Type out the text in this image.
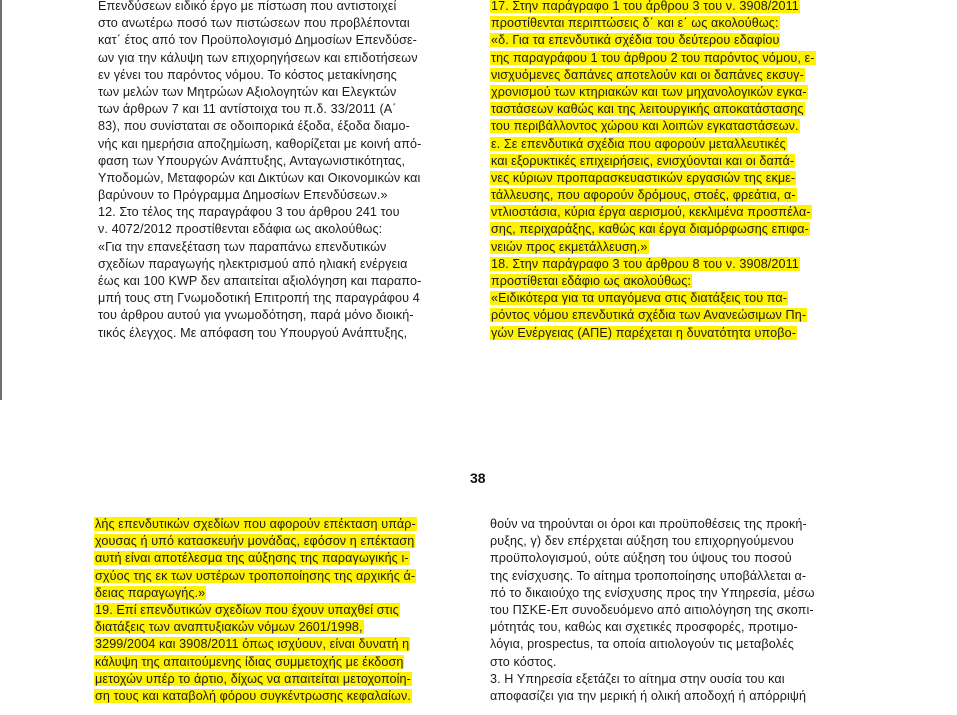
Επενδύσεων ειδικό έργο με πίστωση που αντιστοιχεί
στο ανωτέρω ποσό των πιστώσεων που προβλέπονται
κατ΄ έτος από τον Προϋπολογισμό Δημοσίων Επενδύσε-
ων για την κάλυψη των επιχορηγήσεων και επιδοτήσεων
εν γένει του παρόντος νόμου. Το κόστος μετακίνησης
των μελών των Μητρώων Αξιολογητών και Ελεγκτών
των άρθρων 7 και 11 αντίστοιχα του π.δ. 33/2011 (Α΄
83), που συνίσταται σε οδοιπορικά έξοδα, έξοδα διαμο-
νής και ημερήσια αποζημίωση, καθορίζεται με κοινή από-
φαση των Υπουργών Ανάπτυξης, Ανταγωνιστικότητας,
Υποδομών, Μεταφορών και Δικτύων και Οικονομικών και
βαρύνουν το Πρόγραμμα Δημοσίων Επενδύσεων.»
12. Στο τέλος της παραγράφου 3 του άρθρου 241 του
ν. 4072/2012 προστίθενται εδάφια ως ακολούθως:
«Για την επανεξέταση των παραπάνω επενδυτικών
σχεδίων παραγωγής ηλεκτρισμού από ηλιακή ενέργεια
έως και 100 KWP δεν απαιτείται αξιολόγηση και παραπο-
μπή τους στη Γνωμοδοτική Επιτροπή της παραγράφου 4
του άρθρου αυτού για γνωμοδότηση, παρά μόνο διοική-
τικός έλεγχος. Με απόφαση του Υπουργού Ανάπτυξης,
17. Στην παράγραφο 1 του άρθρου 3 του ν. 3908/2011
προστίθενται περιπτώσεις δ΄ και ε΄ ως ακολούθως:
«δ. Για τα επενδυτικά σχέδια του δεύτερου εδαφίου
της παραγράφου 1 του άρθρου 2 του παρόντος νόμου, ε-
νισχυόμενες δαπάνες αποτελούν και οι δαπάνες εκσυγ-
χρονισμού των κτηριακών και των μηχανολογικών εγκα-
ταστάσεων καθώς και της λειτουργικής αποκατάστασης
του περιβάλλοντος χώρου και λοιπών εγκαταστάσεων.
ε. Σε επενδυτικά σχέδια που αφορούν μεταλλευτικές
και εξορυκτικές επιχειρήσεις, ενισχύονται και οι δαπά-
νες κύριων προπαρασκευαστικών εργασιών της εκμε-
τάλλευσης, που αφορούν δρόμους, στοές, φρεάτια, α-
ντλιοστάσια, κύρια έργα αερισμού, κεκλιμένα προσπέλα-
σης, περιχαράξης, καθώς και έργα διαμόρφωσης επιφα-
νειών προς εκμετάλλευση.»
18. Στην παράγραφο 3 του άρθρου 8 του ν. 3908/2011
προστίθεται εδάφιο ως ακολούθως:
«Ειδικότερα για τα υπαγόμενα στις διατάξεις του πα-
ρόντος νόμου επενδυτικά σχέδια των Ανανεώσιμων Πη-
γών Ενέργειας (ΑΠΕ) παρέχεται η δυνατότητα υποβο-
38
λής επενδυτικών σχεδίων που αφορούν επέκταση υπάρ-
χουσας ή υπό κατασκευήν μονάδας, εφόσον η επέκταση
αυτή είναι αποτέλεσμα της αύξησης της παραγωγικής ι-
σχύος της εκ των υστέρων τροποποίησης της αρχικής ά-
δειας παραγωγής.»
19. Επί επενδυτικών σχεδίων που έχουν υπαχθεί στις
διατάξεις των αναπτυξιακών νόμων 2601/1998,
3299/2004 και 3908/2011 όπως ισχύουν, είναι δυνατή η
κάλυψη της απαιτούμενης ίδιας συμμετοχής με έκδοση
μετοχών υπέρ το άρτιο, δίχως να απαιτείται μετοχοποίη-
ση τους και καταβολή φόρου συγκέντρωσης κεφαλαίων.
θούν να τηρούνται οι όροι και προϋποθέσεις της προκή-
ρυξης, γ) δεν επέρχεται αύξηση του επιχορηγούμενου
προϋπολογισμού, ούτε αύξηση του ύψους του ποσού
της ενίσχυσης. Το αίτημα τροποποίησης υποβάλλεται α-
πό το δικαιούχο της ενίσχυσης προς την Υπηρεσία, μέσω
του ΠΣΚΕ-Επ συνοδευόμενο από αιτιολόγηση της σκοπι-
μότητάς του, καθώς και σχετικές προσφορές, προτιμο-
λόγια, prospectus, τα οποία αιτιολογούν τις μεταβολές
στο κόστος.
3. Η Υπηρεσία εξετάζει το αίτημα στην ουσία του και
αποφασίζει για την μερική ή ολική αποδοχή ή απόρριψή
